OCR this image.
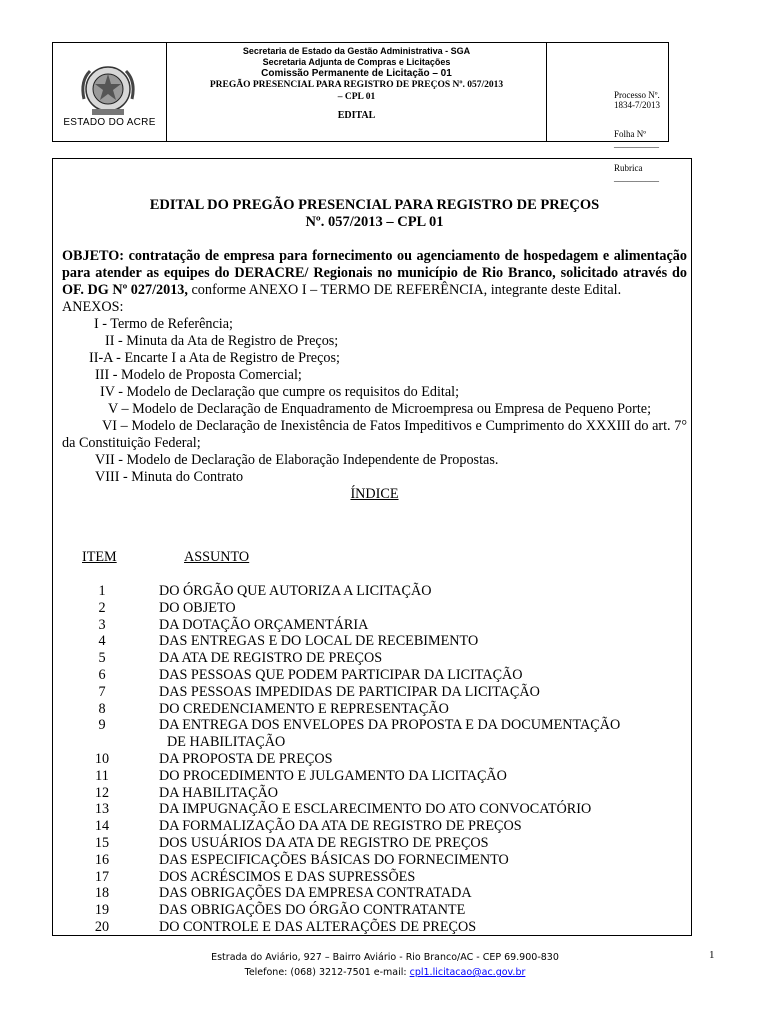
ESTADO DO ACRE
Secretaria de Estado da Gestão Administrativa - SGA
Secretaria Adjunta de Compras e Licitações
Comissão Permanente de Licitação – 01
PREGÃO PRESENCIAL PARA REGISTRO DE PREÇOS Nº. 057/2013
– CPL 01
EDITAL
Processo Nº. 1834-7/2013
Folha Nº __________
Rubrica __________
EDITAL DO PREGÃO PRESENCIAL PARA REGISTRO DE PREÇOS
Nº. 057/2013 – CPL 01
OBJETO: contratação de empresa para fornecimento ou agenciamento de hospedagem e alimentação para atender as equipes do DERACRE/ Regionais no município de Rio Branco, solicitado através do OF. DG Nº 027/2013, conforme ANEXO I – TERMO DE REFERÊNCIA, integrante deste Edital.
ANEXOS:
I - Termo de Referência;
II - Minuta da Ata de Registro de Preços;
II-A - Encarte I a Ata de Registro de Preços;
III - Modelo de Proposta Comercial;
IV - Modelo de Declaração que cumpre os requisitos do Edital;
V – Modelo de Declaração de Enquadramento de Microempresa ou Empresa de Pequeno Porte;
VI – Modelo de Declaração de Inexistência de Fatos Impeditivos e Cumprimento do XXXIII do art. 7° da Constituição Federal;
VII - Modelo de Declaração de Elaboração Independente de Propostas.
VIII - Minuta do Contrato
ÍNDICE
ITEM	ASSUNTO
1	DO ÓRGÃO QUE AUTORIZA A LICITAÇÃO
2	DO OBJETO
3	DA DOTAÇÃO ORÇAMENTÁRIA
4	DAS ENTREGAS E DO LOCAL DE RECEBIMENTO
5	DA ATA DE REGISTRO DE PREÇOS
6	DAS PESSOAS QUE PODEM PARTICIPAR DA LICITAÇÃO
7	DAS PESSOAS IMPEDIDAS DE PARTICIPAR DA LICITAÇÃO
8	DO CREDENCIAMENTO E REPRESENTAÇÃO
9	DA ENTREGA DOS ENVELOPES DA PROPOSTA E DA DOCUMENTAÇÃO
DE HABILITAÇÃO
10	DA PROPOSTA DE PREÇOS
11	DO PROCEDIMENTO E JULGAMENTO DA LICITAÇÃO
12	DA HABILITAÇÃO
13	DA IMPUGNAÇÃO E ESCLARECIMENTO DO ATO CONVOCATÓRIO
14	DA FORMALIZAÇÃO DA ATA DE REGISTRO DE PREÇOS
15	DOS USUÁRIOS DA ATA DE REGISTRO DE PREÇOS
16	DAS ESPECIFICAÇÕES BÁSICAS DO FORNECIMENTO
17	DOS ACRÉSCIMOS E DAS SUPRESSÕES
18	DAS OBRIGAÇÕES DA EMPRESA CONTRATADA
19	DAS OBRIGAÇÕES DO ÓRGÃO CONTRATANTE
20	DO CONTROLE E DAS ALTERAÇÕES DE PREÇOS
Estrada do Aviário, 927 – Bairro Aviário - Rio Branco/AC - CEP 69.900-830
Telefone: (068) 3212-7501 e-mail: cpl1.licitacao@ac.gov.br
1
